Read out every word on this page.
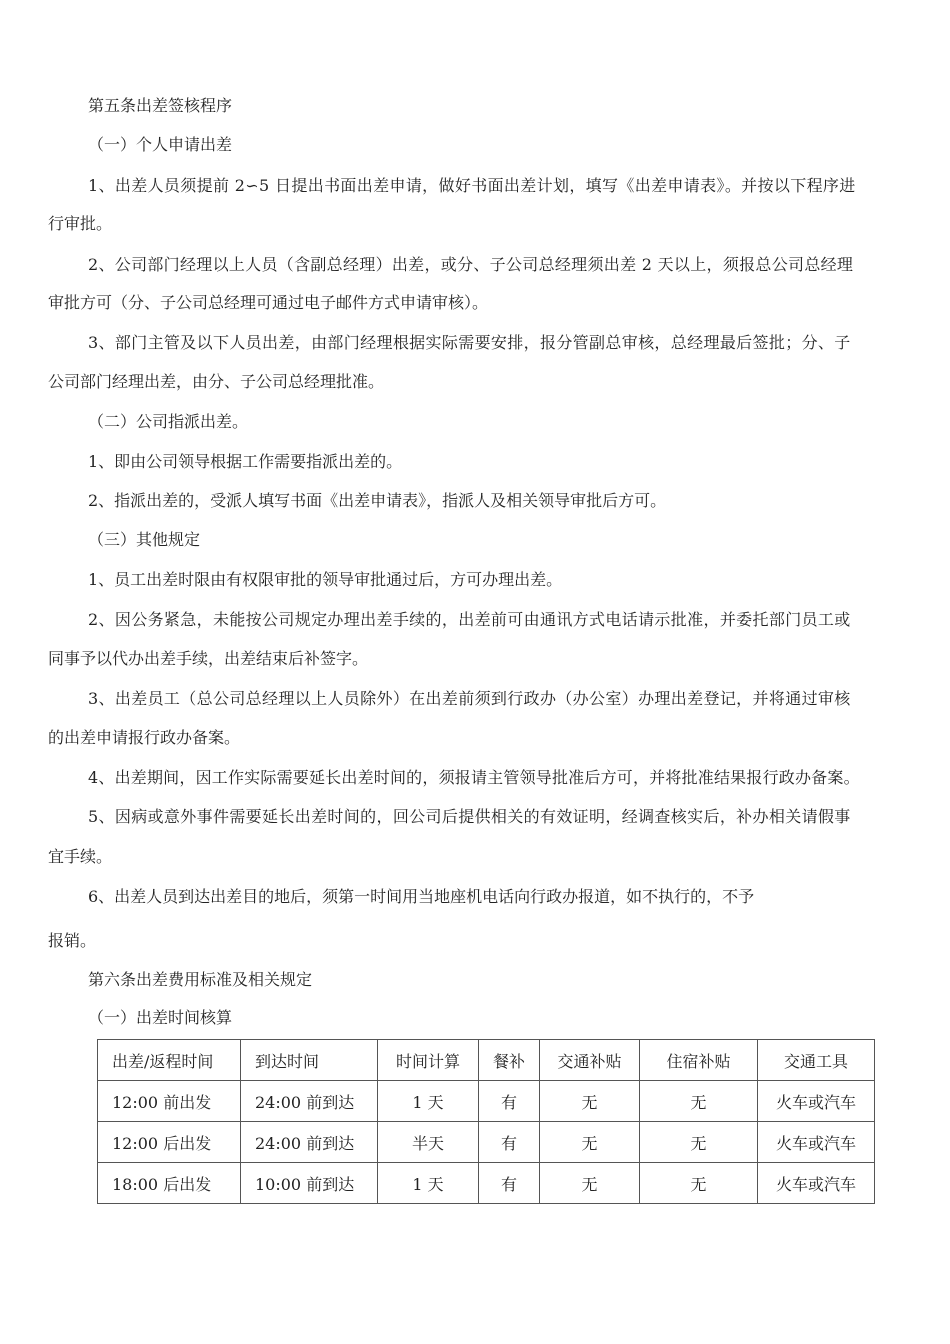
第五条出差签核程序
（一）个人申请出差
1、出差人员须提前 2∽5 日提出书面出差申请，做好书面出差计划，填写《出差申请表》。并按以下程序进
行审批。
2、公司部门经理以上人员（含副总经理）出差，或分、子公司总经理须出差 2 天以上，须报总公司总经理
审批方可（分、子公司总经理可通过电子邮件方式申请审核）。
3、部门主管及以下人员出差，由部门经理根据实际需要安排，报分管副总审核，总经理最后签批；分、子
公司部门经理出差，由分、子公司总经理批准。
（二）公司指派出差。
1、即由公司领导根据工作需要指派出差的。
2、指派出差的，受派人填写书面《出差申请表》，指派人及相关领导审批后方可。
（三）其他规定
1、员工出差时限由有权限审批的领导审批通过后，方可办理出差。
2、因公务紧急，未能按公司规定办理出差手续的，出差前可由通讯方式电话请示批准，并委托部门员工或
同事予以代办出差手续，出差结束后补签字。
3、出差员工（总公司总经理以上人员除外）在出差前须到行政办（办公室）办理出差登记，并将通过审核
的出差申请报行政办备案。
4、出差期间，因工作实际需要延长出差时间的，须报请主管领导批准后方可，并将批准结果报行政办备案。
5、因病或意外事件需要延长出差时间的，回公司后提供相关的有效证明，经调查核实后，补办相关请假事
宜手续。
6、出差人员到达出差目的地后，须第一时间用当地座机电话向行政办报道，如不执行的，不予
报销。
第六条出差费用标准及相关规定
（一）出差时间核算
出差/返程时间	到达时间	时间计算	餐补	交通补贴	住宿补贴	交通工具
12:00 前出发	24:00 前到达	1 天	有	无	无	火车或汽车
12:00 后出发	24:00 前到达	半天	有	无	无	火车或汽车
18:00 后出发	10:00 前到达	1 天	有	无	无	火车或汽车
